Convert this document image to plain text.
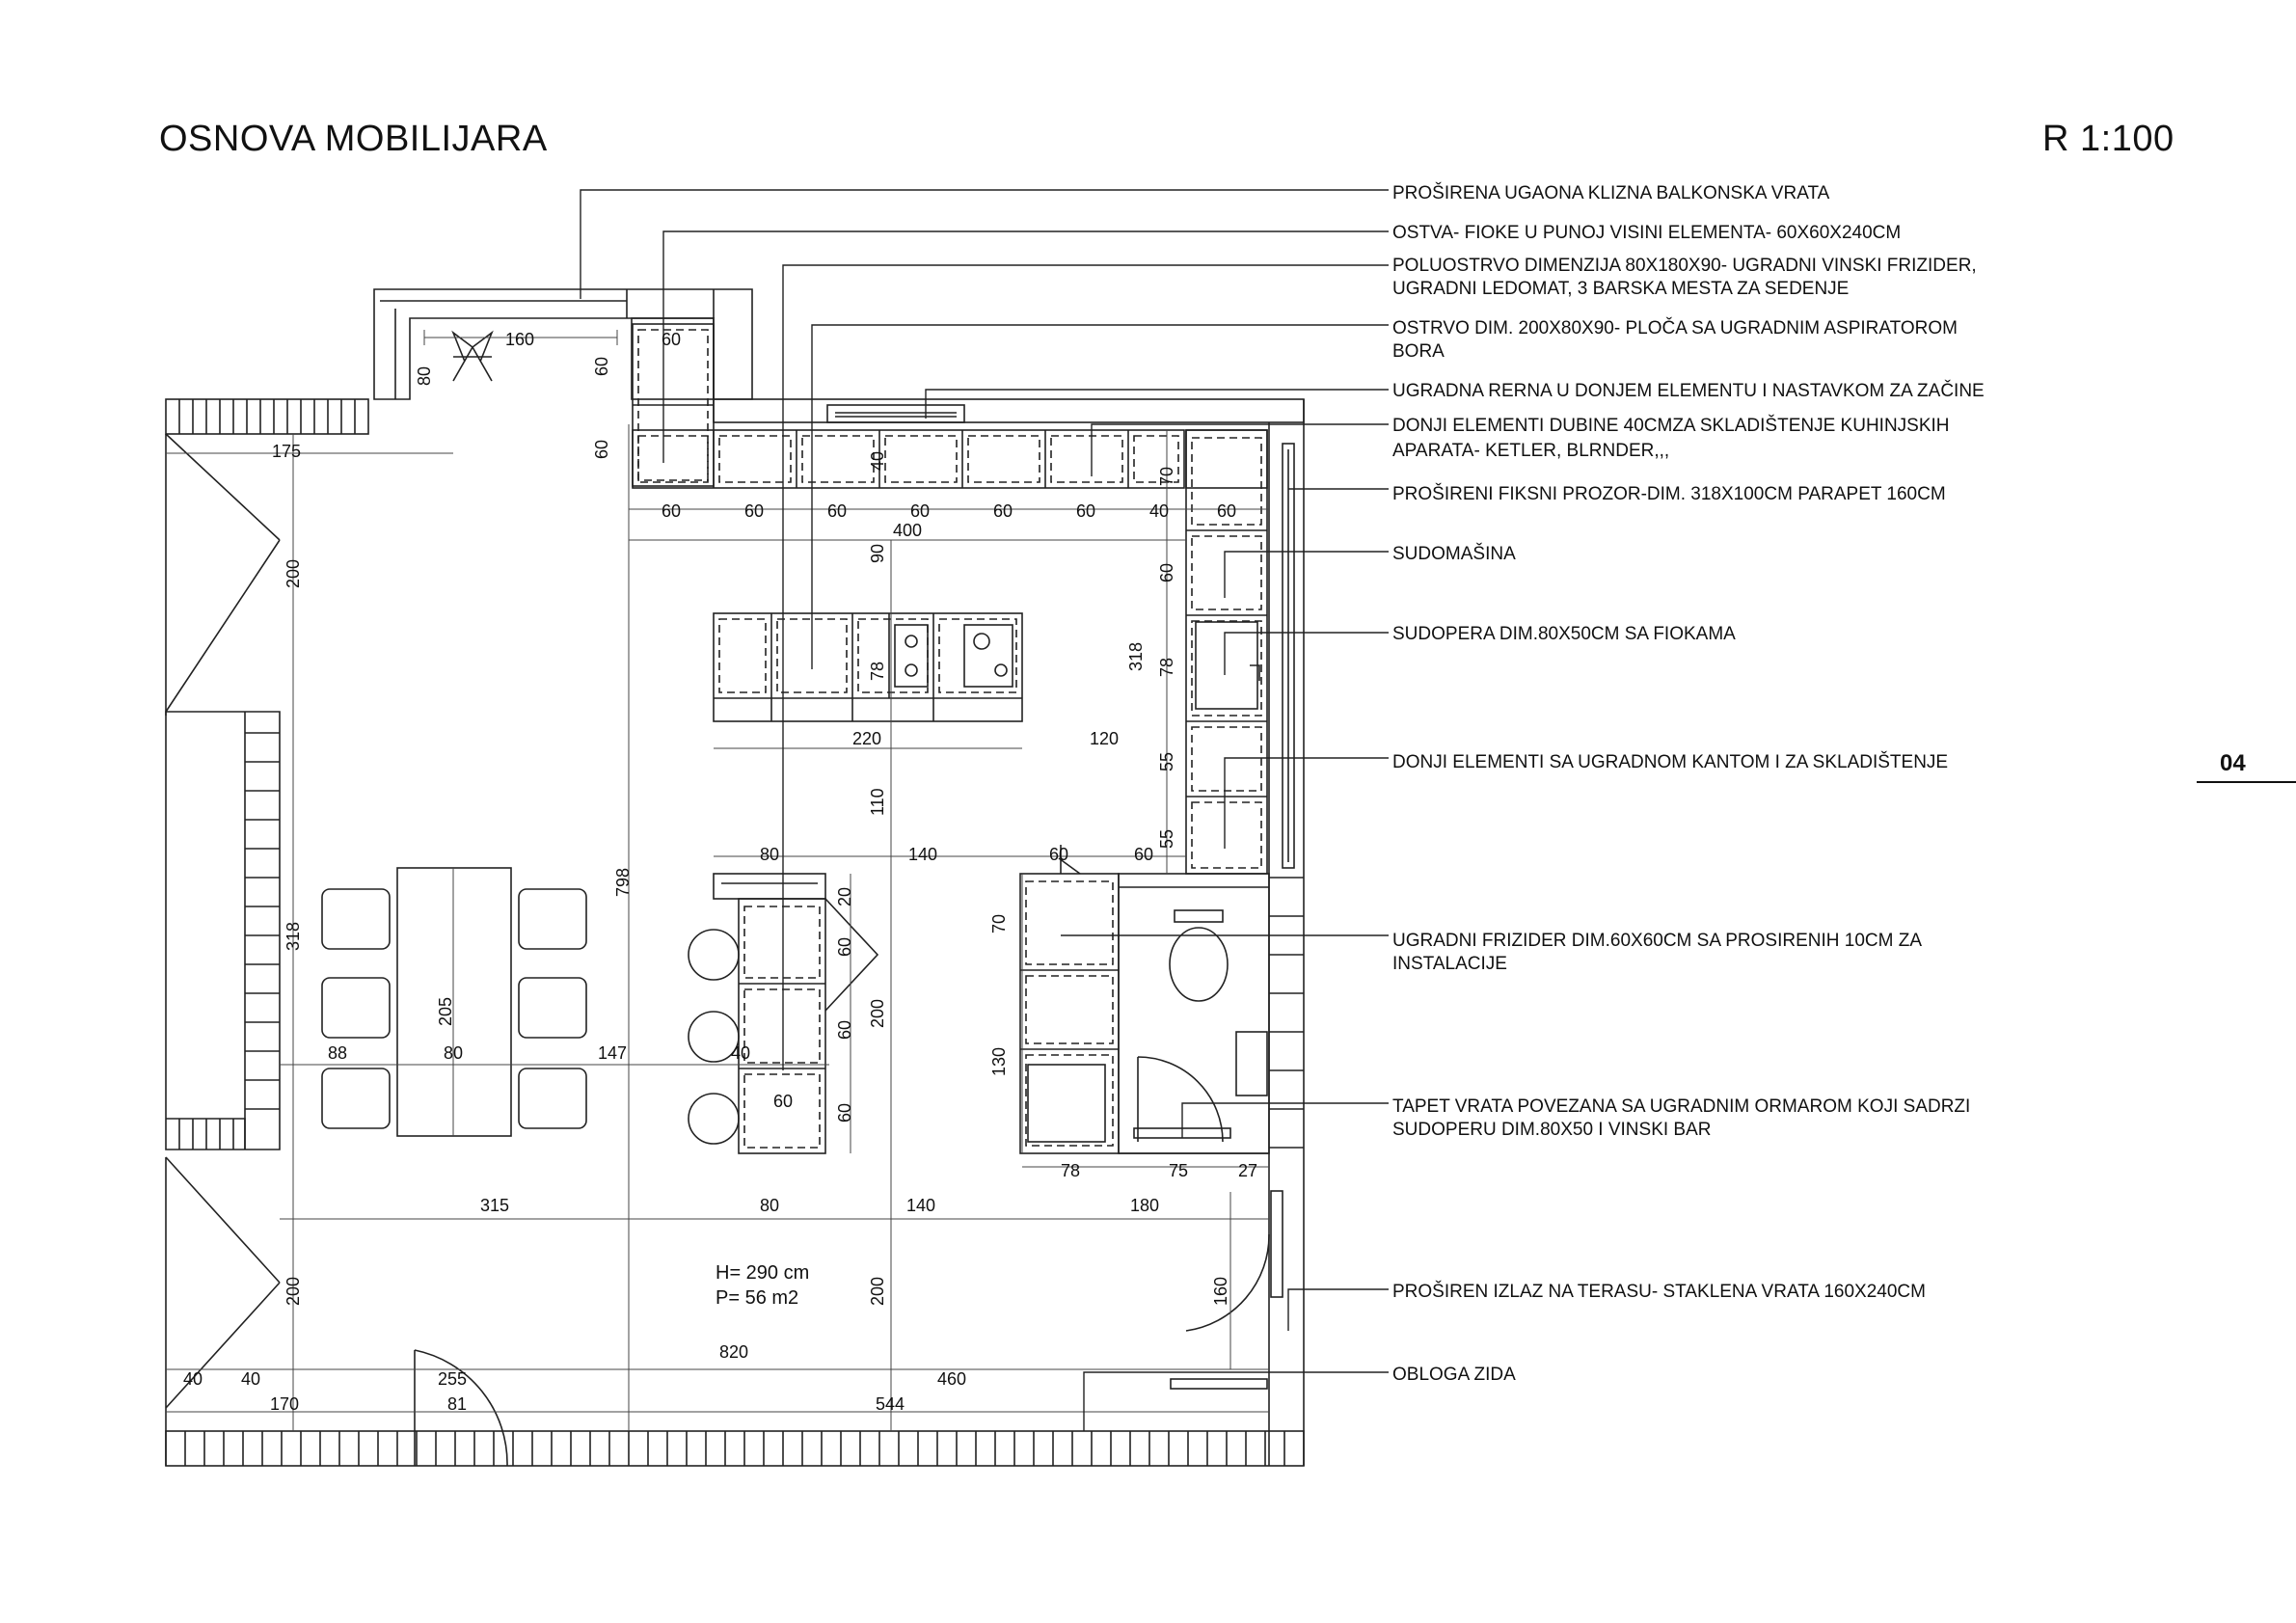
OSNOVA MOBILIJARA	R 1:100
04
PROŠIRENA UGAONA KLIZNA BALKONSKA VRATA
OSTVA- FIOKE U PUNOJ VISINI ELEMENTA- 60X60X240CM
POLUOSTRVO DIMENZIJA 80X180X90- UGRADNI VINSKI FRIZIDER,
UGRADNI LEDOMAT, 3 BARSKA MESTA ZA SEDENJE
OSTRVO DIM. 200X80X90- PLOČA SA UGRADNIM ASPIRATOROM
BORA
UGRADNA RERNA U DONJEM ELEMENTU I NASTAVKOM ZA ZAČINE
DONJI ELEMENTI DUBINE 40CMZA SKLADIŠTENJE KUHINJSKIH
APARATA- KETLER, BLRNDER,,,
PROŠIRENI FIKSNI PROZOR-DIM. 318X100CM PARAPET 160CM
SUDOMAŠINA
SUDOPERA DIM.80X50CM SA FIOKAMA
DONJI ELEMENTI SA UGRADNOM KANTOM I ZA SKLADIŠTENJE
UGRADNI FRIZIDER DIM.60X60CM SA PROSIRENIH 10CM ZA
INSTALACIJE
TAPET VRATA POVEZANA SA UGRADNIM ORMAROM KOJI SADRZI
SUDOPERU DIM.80X50 I VINSKI BAR
PROŠIREN IZLAZ NA TERASU- STAKLENA VRATA 160X240CM
OBLOGA ZIDA
160	60
80	60
60
175
60	60	60	60	60	60	40	60
40
70
400
90
60
318
78	78
200
220	120
55
110
55
80	140	60	60
20
60
798
318
205
70
200
60
88	80	147	40
60
60
130
78	75	27
315	80	140	180
200	200	160
820
40 40	255	460
170	81	544
H= 290 cm
P= 56 m2
